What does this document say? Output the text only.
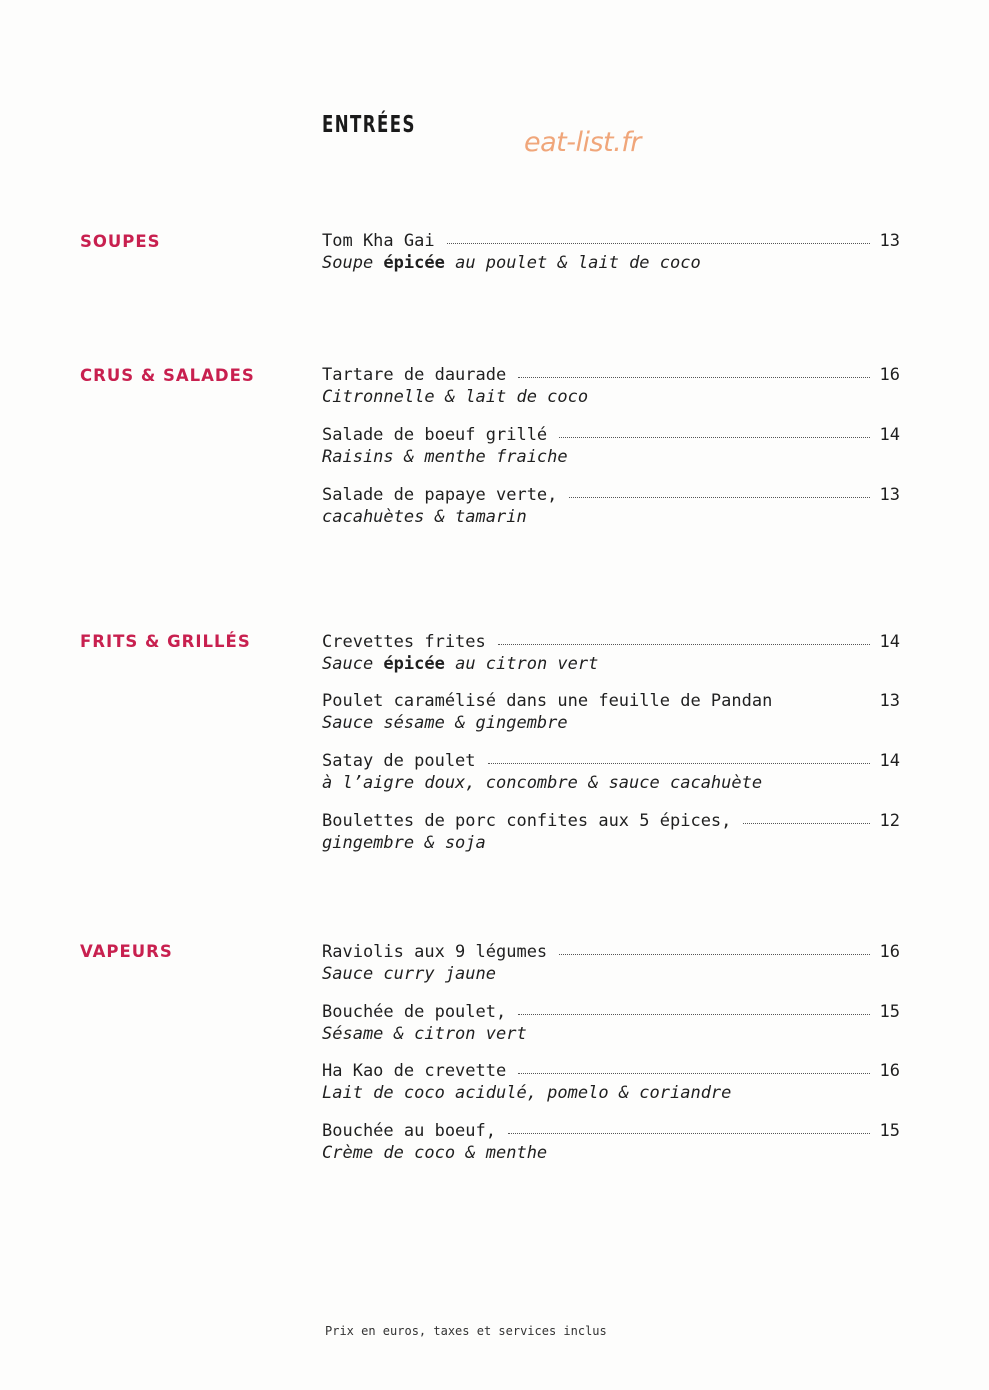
ENTRÉES
eat-list.fr
SOUPES
CRUS & SALADES
FRITS & GRILLÉS
VAPEURS
Tom Kha Gai	13
Soupe épicée au poulet & lait de coco
Tartare de daurade	16
Citronnelle & lait de coco
Salade de boeuf grillé	14
Raisins & menthe fraiche
Salade de papaye verte,	13
cacahuètes & tamarin
Crevettes frites	14
Sauce épicée au citron vert
Poulet caramélisé dans une feuille de Pandan	13
Sauce sésame & gingembre
Satay de poulet	14
à l’aigre doux, concombre & sauce cacahuète
Boulettes de porc confites aux 5 épices,	12
gingembre & soja
Raviolis aux 9 légumes	16
Sauce curry jaune
Bouchée de poulet,	15
Sésame & citron vert
Ha Kao de crevette	16
Lait de coco acidulé, pomelo & coriandre
Bouchée au boeuf,	15
Crème de coco & menthe
Prix en euros, taxes et services inclus
